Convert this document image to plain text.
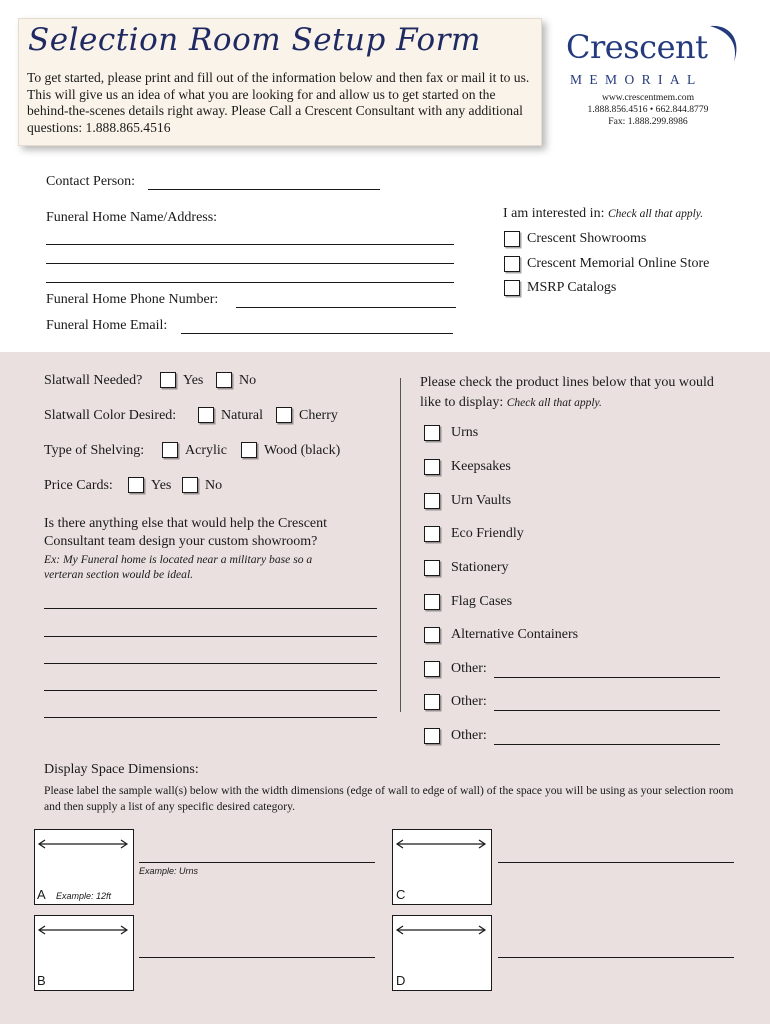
Selection Room Setup Form
To get started, please print and fill out of the information below and then fax or mail it to us. This will give us an idea of what you are looking for and allow us to get started on the behind-the-scenes details right away. Please Call a Crescent Consultant with any additional questions: 1.888.865.4516
Crescent
MEMORIAL
www.crescentmem.com
1.888.856.4516 • 662.844.8779
Fax: 1.888.299.8986
Contact Person:
Funeral Home Name/Address:
Funeral Home Phone Number:
Funeral Home Email:
I am interested in: Check all that apply.
Crescent Showrooms
Crescent Memorial Online Store
MSRP Catalogs
Slatwall Needed?	Yes	No
Slatwall Color Desired:	Natural	Cherry
Type of Shelving:	Acrylic	Wood (black)
Price Cards:	Yes No
Is there anything else that would help the Crescent Consultant team design your custom showroom?
Ex: My Funeral home is located near a military base so a verteran section would be ideal.
Please check the product lines below that you would like to display: Check all that apply.
Urns
Keepsakes
Urn Vaults
Eco Friendly
Stationery
Flag Cases
Alternative Containers
Other:
Other:
Other:
Display Space Dimensions:
Please label the sample wall(s) below with the width dimensions (edge of wall to edge of wall) of the space you will be using as your selection room and then supply a list of any specific desired category.
A Example: 12ft
Example: Urns
C
B	D
